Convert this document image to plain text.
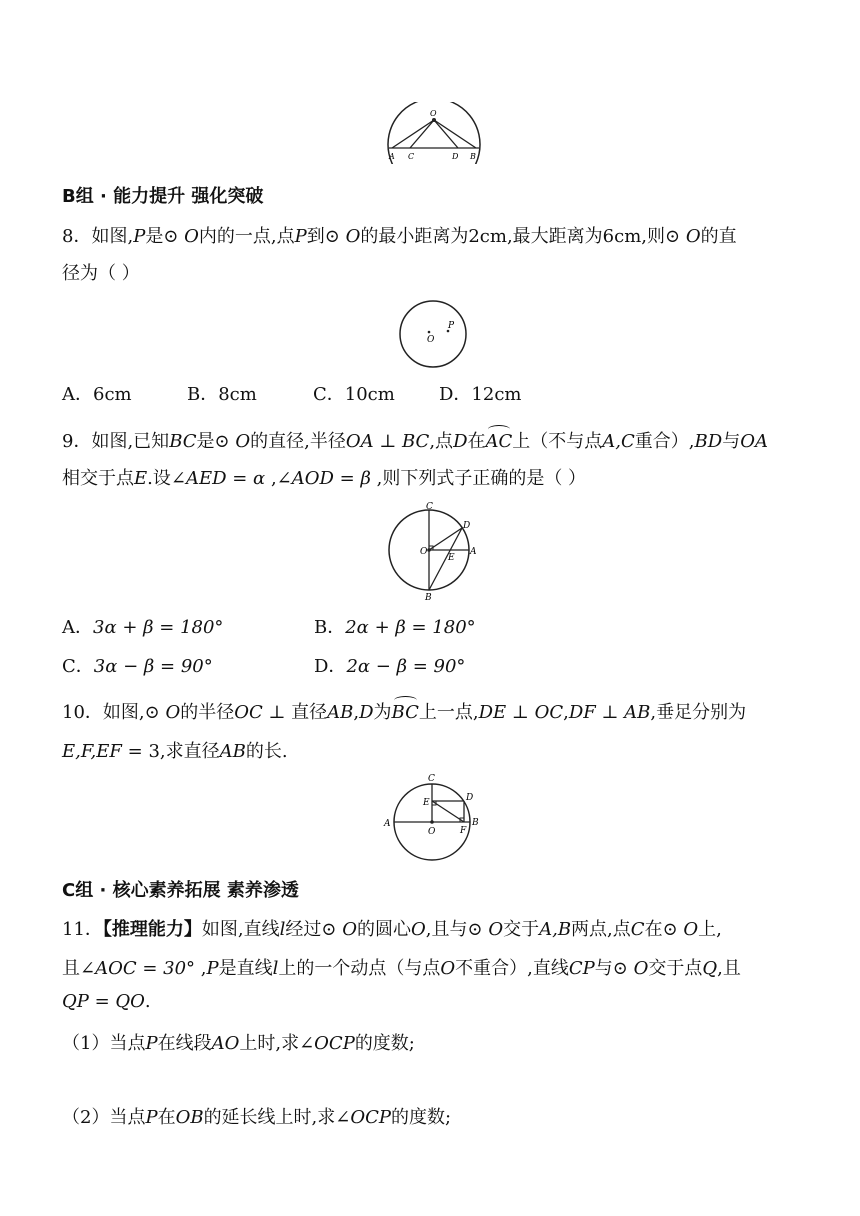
O
A C	D B
B组 · 能力提升 强化突破
8．如图,P是⊙ O内的一点,点P到⊙ O的最小距离为2cm,最大距离为6cm,则⊙ O的直
径为（ ）
O
P
A．6cm	B．8cm	C．10cm D．12cm
9．如图,已知BC是⊙ O的直径,半径OA ⊥ BC,点D在AC上（不与点A,C重合）,BD与OA
相交于点E.设∠AED = α ,∠AOD = β ,则下列式子正确的是（ ）
C
D
O
E
A
B
A．3α + β = 180°	B．2α + β = 180°
C．3α − β = 90°	D．2α − β = 90°
10．如图,⊙ O的半径OC ⊥ 直径AB,D为BC上一点,DE ⊥ OC,DF ⊥ AB,垂足分别为
E,F,EF = 3,求直径AB的长.
C
E	D
A
O	F
B
C组 · 核心素养拓展 素养渗透
11．【推理能力】如图,直线l经过⊙ O的圆心O,且与⊙ O交于A,B两点,点C在⊙ O上,
且∠AOC = 30° ,P是直线l上的一个动点（与点O不重合）,直线CP与⊙ O交于点Q,且
QP = QO.
（1）当点P在线段AO上时,求∠OCP的度数;
（2）当点P在OB的延长线上时,求∠OCP的度数;
